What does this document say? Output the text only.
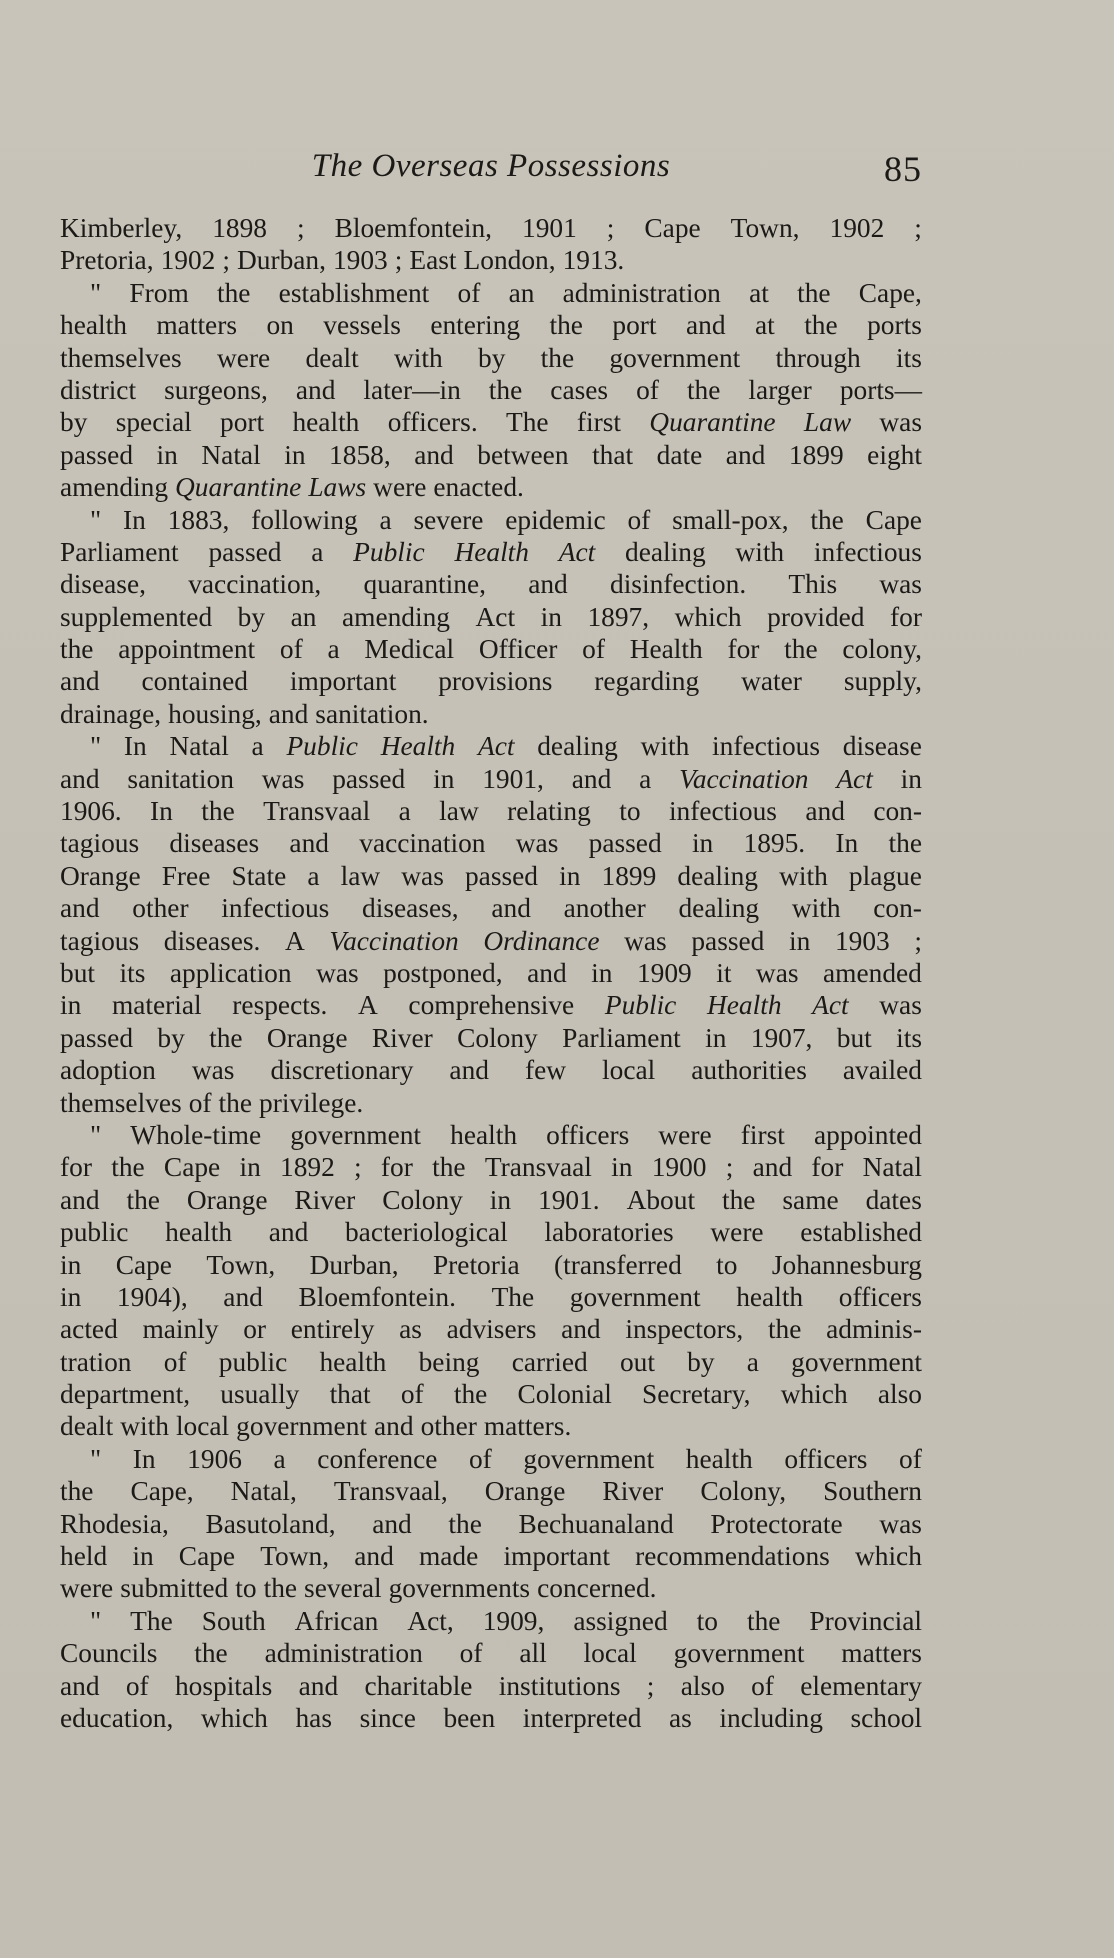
The Overseas Possessions	85
Kimberley, 1898 ; Bloemfontein, 1901 ; Cape Town, 1902 ;
Pretoria, 1902 ; Durban, 1903 ; East London, 1913.
" From the establishment of an administration at the Cape,
health matters on vessels entering the port and at the ports
themselves were dealt with by the government through its
district surgeons, and later—in the cases of the larger ports—
by special port health officers. The first Quarantine Law was
passed in Natal in 1858, and between that date and 1899 eight
amending Quarantine Laws were enacted.
" In 1883, following a severe epidemic of small-pox, the Cape
Parliament passed a Public Health Act dealing with infectious
disease, vaccination, quarantine, and disinfection. This was
supplemented by an amending Act in 1897, which provided for
the appointment of a Medical Officer of Health for the colony,
and contained important provisions regarding water supply,
drainage, housing, and sanitation.
" In Natal a Public Health Act dealing with infectious disease
and sanitation was passed in 1901, and a Vaccination Act in
1906. In the Transvaal a law relating to infectious and con-
tagious diseases and vaccination was passed in 1895. In the
Orange Free State a law was passed in 1899 dealing with plague
and other infectious diseases, and another dealing with con-
tagious diseases. A Vaccination Ordinance was passed in 1903 ;
but its application was postponed, and in 1909 it was amended
in material respects. A comprehensive Public Health Act was
passed by the Orange River Colony Parliament in 1907, but its
adoption was discretionary and few local authorities availed
themselves of the privilege.
" Whole-time government health officers were first appointed
for the Cape in 1892 ; for the Transvaal in 1900 ; and for Natal
and the Orange River Colony in 1901. About the same dates
public health and bacteriological laboratories were established
in Cape Town, Durban, Pretoria (transferred to Johannesburg
in 1904), and Bloemfontein. The government health officers
acted mainly or entirely as advisers and inspectors, the adminis-
tration of public health being carried out by a government
department, usually that of the Colonial Secretary, which also
dealt with local government and other matters.
" In 1906 a conference of government health officers of
the Cape, Natal, Transvaal, Orange River Colony, Southern
Rhodesia, Basutoland, and the Bechuanaland Protectorate was
held in Cape Town, and made important recommendations which
were submitted to the several governments concerned.
" The South African Act, 1909, assigned to the Provincial
Councils the administration of all local government matters
and of hospitals and charitable institutions ; also of elementary
education, which has since been interpreted as including school
